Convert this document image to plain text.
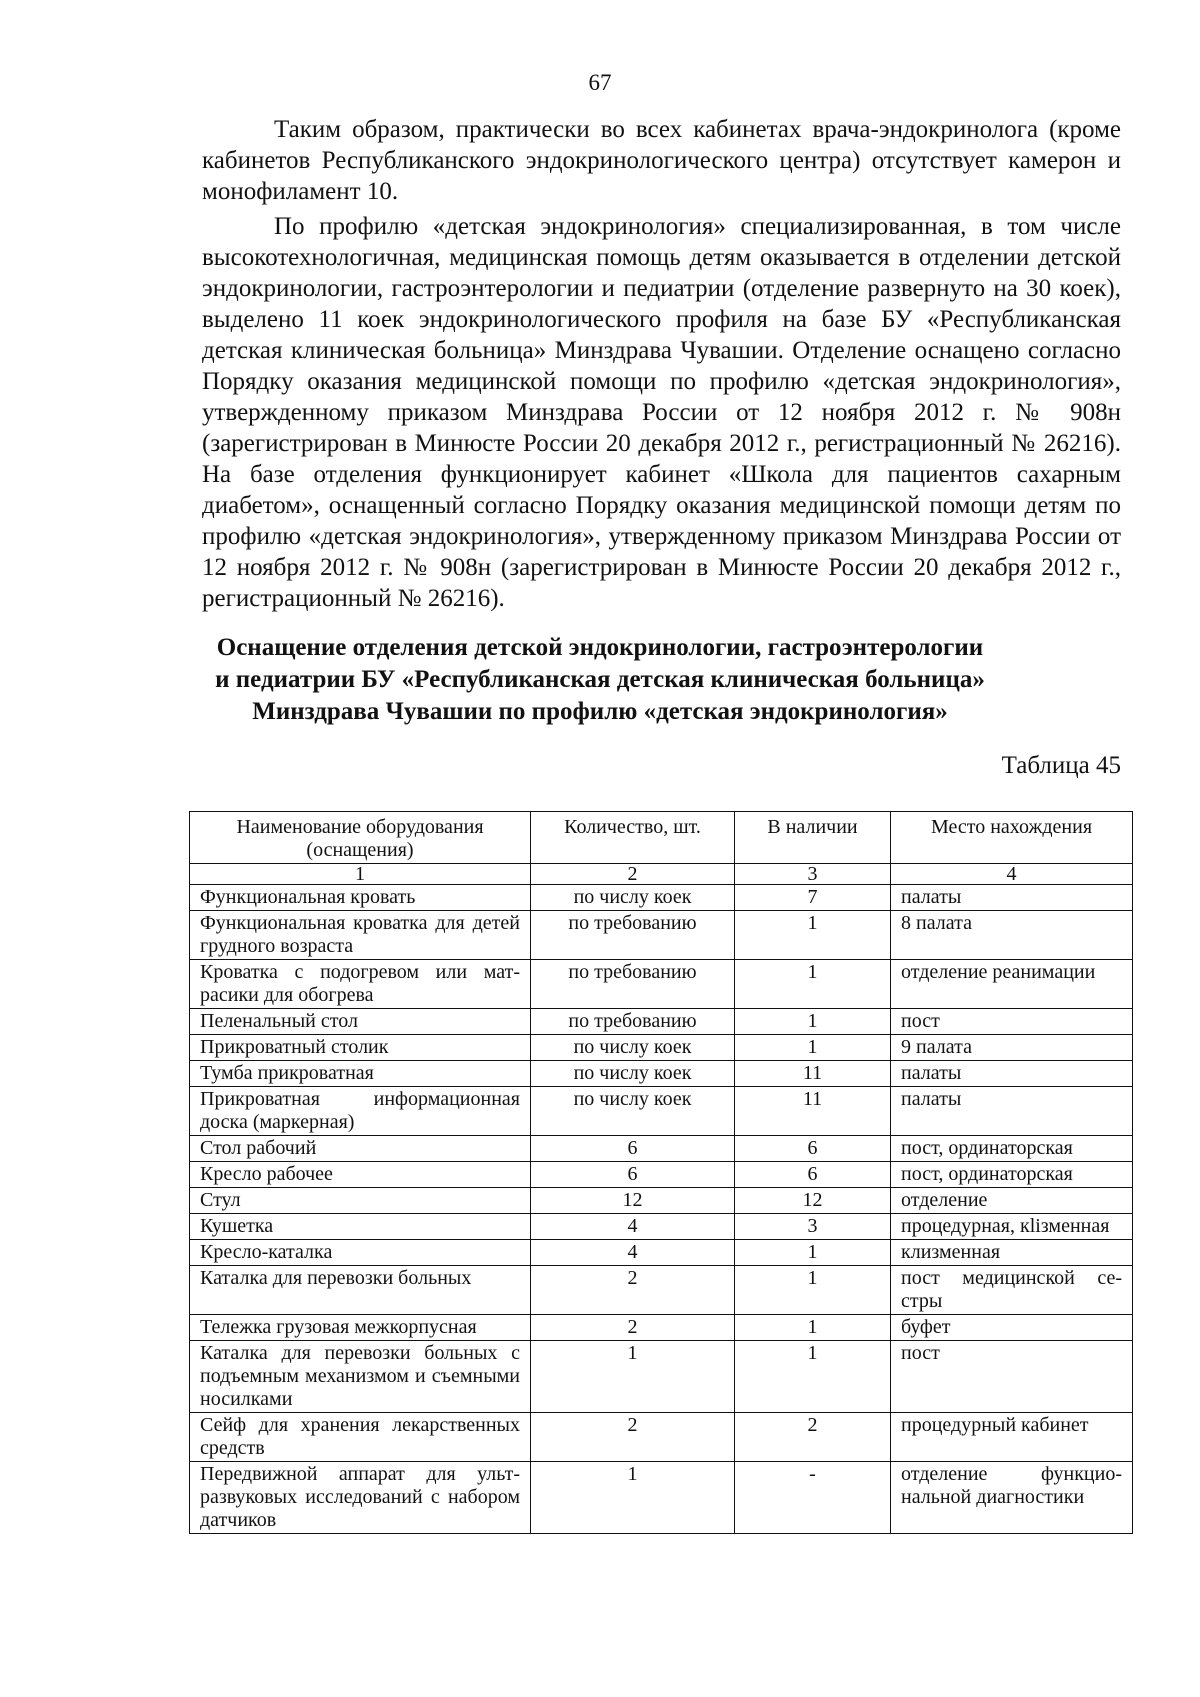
67

Таким образом, практически во всех кабинетах врача-эндокринолога (кроме кабинетов Республиканского эндокринологического центра) отсутствует камерон и монофиламент 10.

По профилю «детская эндокринология» специализированная, в том числе высокотехнологичная, медицинская помощь детям оказывается в отделении детской эндокринологии, гастроэнтерологии и педиатрии (отделение развернуто на 30 коек), выделено 11 коек эндокринологического профиля на базе БУ «Республиканская детская клиническая больница» Минздрава Чувашии. Отделение оснащено согласно Порядку оказания медицинской помощи по профилю «детская эндокринология», утвержденному приказом Минздрава России от 12 ноября 2012 г. № 908н (зарегистрирован в Минюсте России 20 декабря 2012 г., регистрационный № 26216). На базе отделения функционирует кабинет «Школа для пациентов сахарным диабетом», оснащенный согласно Порядку оказания медицинской помощи детям по профилю «детская эндокринология», утвержденному приказом Минздрава России от 12 ноября 2012 г. № 908н (зарегистрирован в Минюсте России 20 декабря 2012 г., регистрационный № 26216).

Оснащение отделения детской эндокринологии, гастроэнтерологии
и педиатрии БУ «Республиканская детская клиническая больница»
Минздрава Чувашии по профилю «детская эндокринология»
Таблица 45
Наименование оборудования (оснащения)	Количество, шт.	В наличии	Место нахождения
1	2	3	4
Функциональная кровать	по числу коек	7	палаты
Функциональная кроватка для детей грудного возраста	по требованию	1	8 палата
Кроватка с подогревом или матрасики для обогрева	по требованию	1	отделение реанимации
Пеленальный стол	по требованию	1	пост
Прикроватный столик	по числу коек	1	9 палата
Тумба прикроватная	по числу коек	11	палаты
Прикроватная информационная доска (маркерная)	по числу коек	11	палаты
Стол рабочий	6	6	пост, ординаторская
Кресло рабочее	6	6	пост, ординаторская
Стул	12	12	отделение
Кушетка	4	3	процедурная, кliзменная
Кресло-каталка	4	1	клизменная
Каталка для перевозки больных	2	1	пост медицинской сестры
Тележка грузовая межкорпусная	2	1	буфет
Каталка для перевозки больных с подъемным механизмом и съемными носилками	1	1	пост
Сейф для хранения лекарственных средств	2	2	процедурный кабинет
Передвижной аппарат для ультразвуковых исследований с набором датчиков	1	-	отделение функциональной диагностики
